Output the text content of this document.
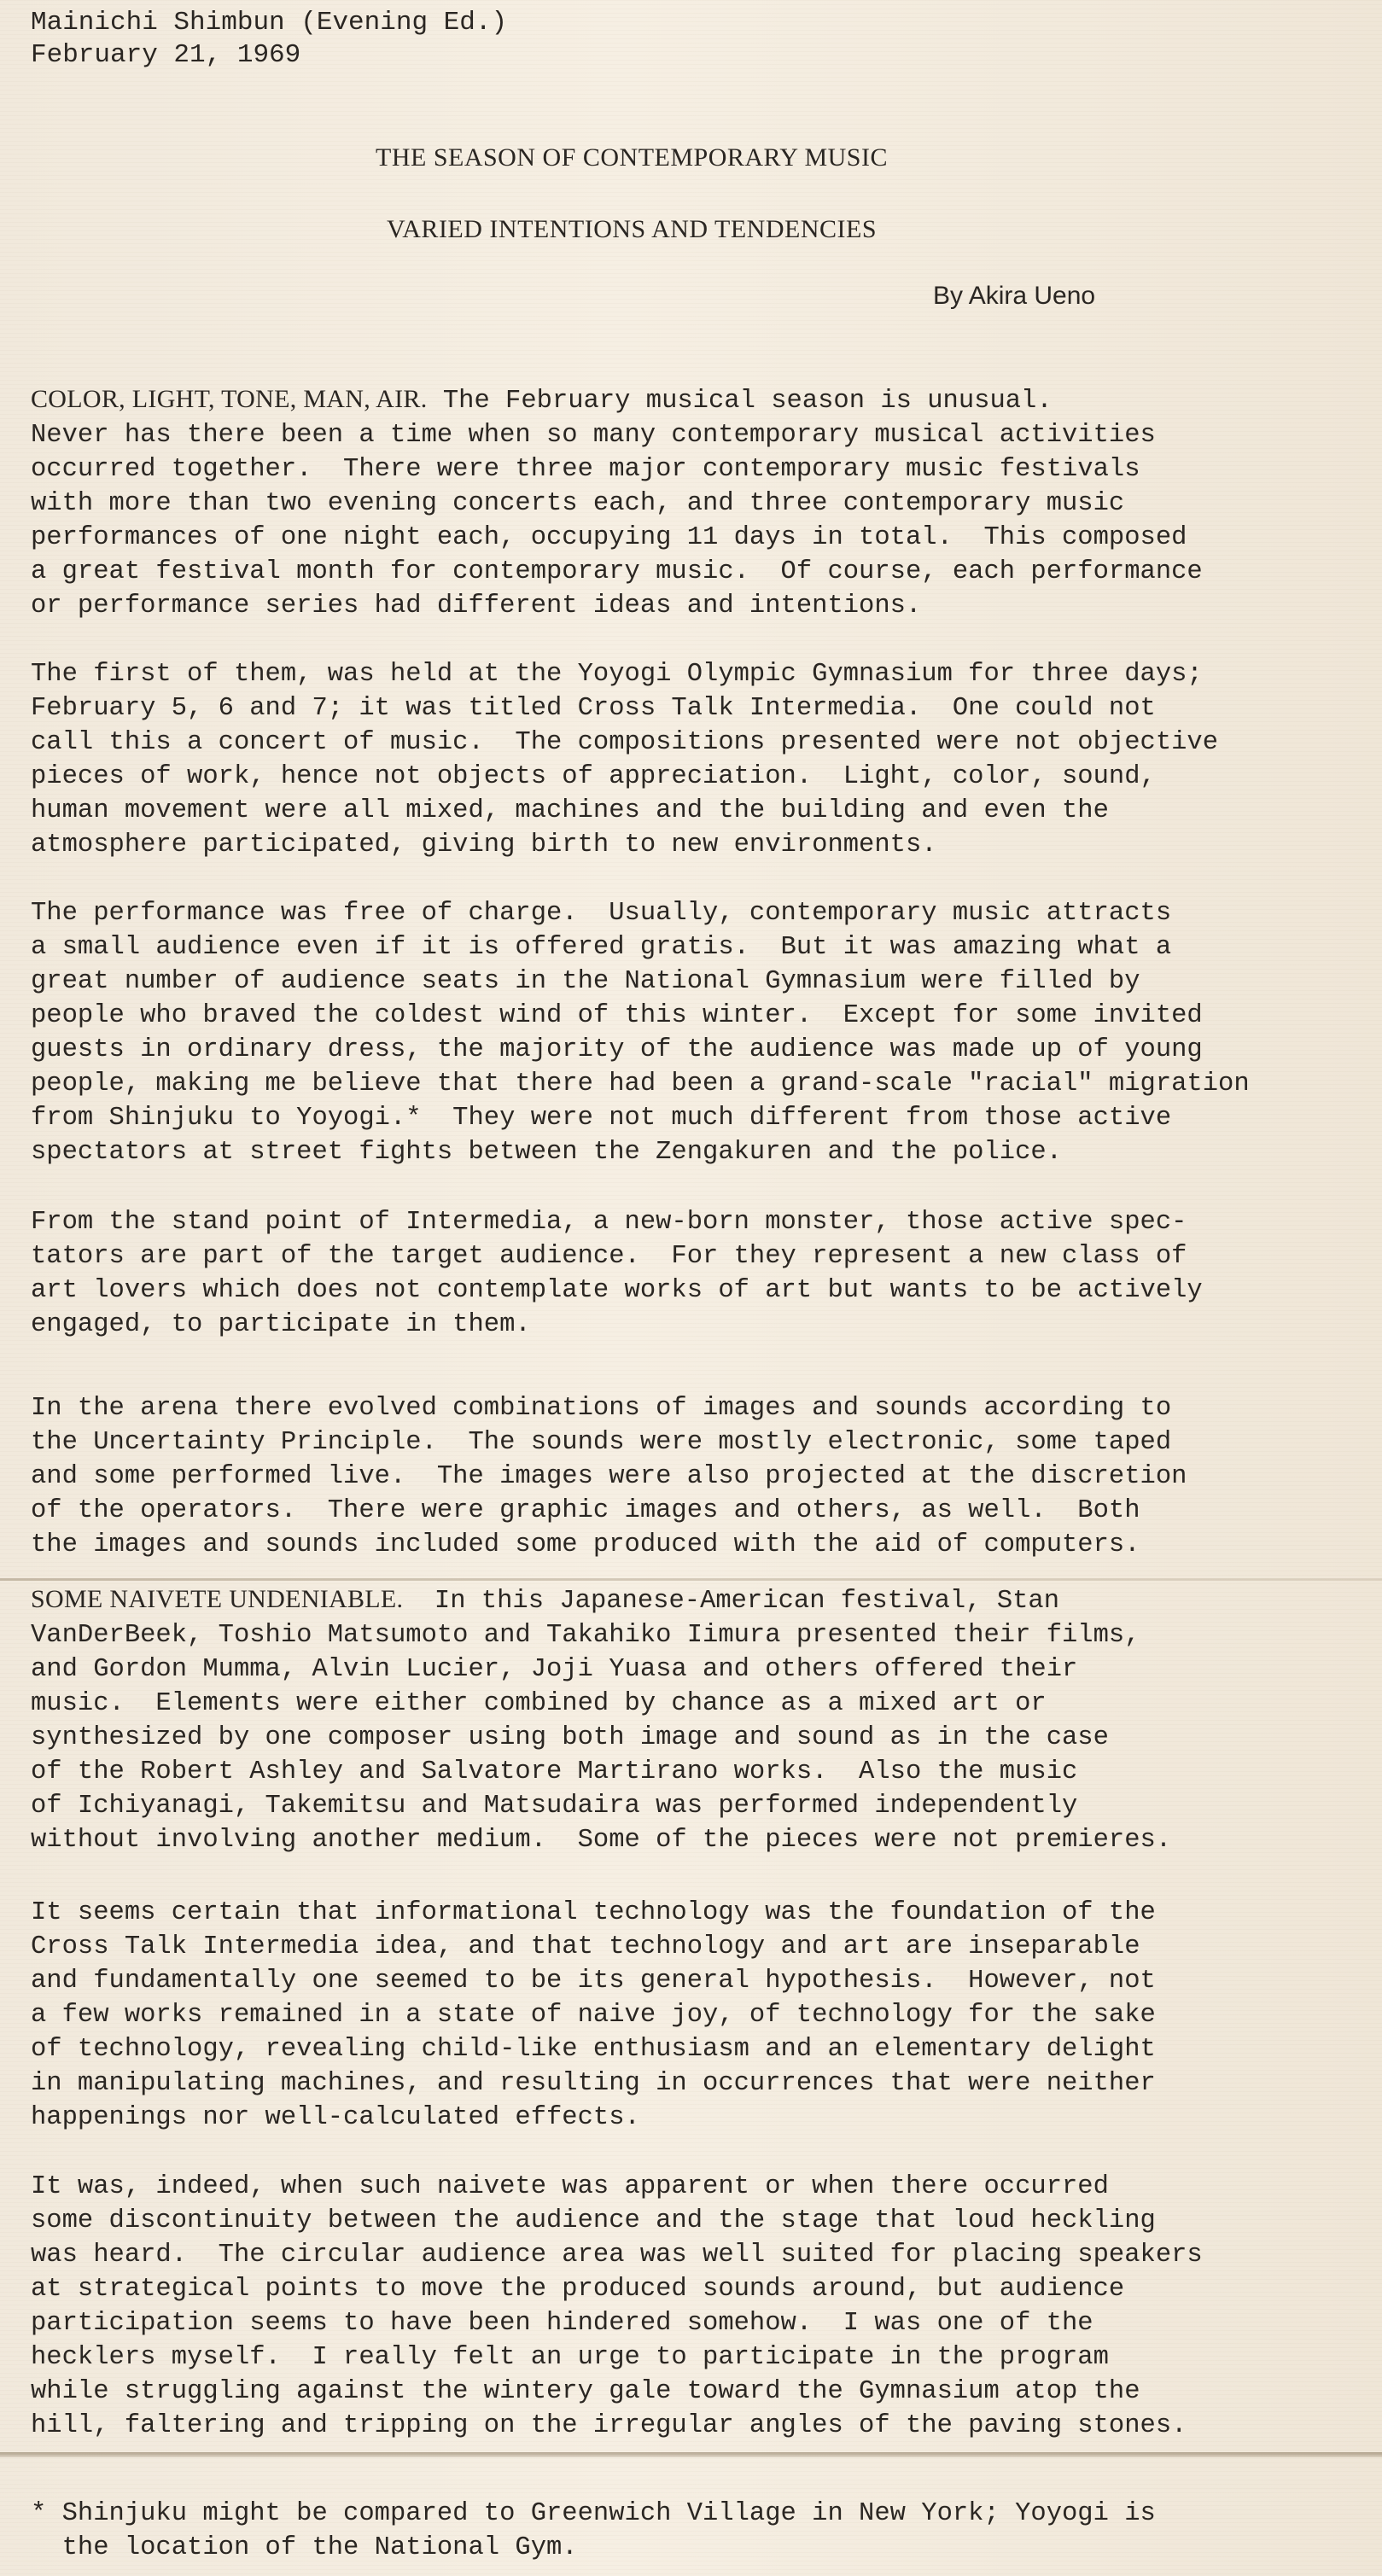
Mainichi Shimbun (Evening Ed.)
February 21, 1969
THE SEASON OF CONTEMPORARY MUSIC
VARIED INTENTIONS AND TENDENCIES
By Akira Ueno
COLOR, LIGHT, TONE, MAN, AIR. The February musical season is unusual.
Never has there been a time when so many contemporary musical activities
occurred together.  There were three major contemporary music festivals
with more than two evening concerts each, and three contemporary music
performances of one night each, occupying 11 days in total.  This composed
a great festival month for contemporary music.  Of course, each performance
or performance series had different ideas and intentions.
The first of them, was held at the Yoyogi Olympic Gymnasium for three days;
February 5, 6 and 7; it was titled Cross Talk Intermedia.  One could not
call this a concert of music.  The compositions presented were not objective
pieces of work, hence not objects of appreciation.  Light, color, sound,
human movement were all mixed, machines and the building and even the
atmosphere participated, giving birth to new environments.
The performance was free of charge.  Usually, contemporary music attracts
a small audience even if it is offered gratis.  But it was amazing what a
great number of audience seats in the National Gymnasium were filled by
people who braved the coldest wind of this winter.  Except for some invited
guests in ordinary dress, the majority of the audience was made up of young
people, making me believe that there had been a grand-scale "racial" migration
from Shinjuku to Yoyogi.*  They were not much different from those active
spectators at street fights between the Zengakuren and the police.
From the stand point of Intermedia, a new-born monster, those active spec-
tators are part of the target audience.  For they represent a new class of
art lovers which does not contemplate works of art but wants to be actively
engaged, to participate in them.
In the arena there evolved combinations of images and sounds according to
the Uncertainty Principle.  The sounds were mostly electronic, some taped
and some performed live.  The images were also projected at the discretion
of the operators.  There were graphic images and others, as well.  Both
the images and sounds included some produced with the aid of computers.
SOME NAIVETE UNDENIABLE.  In this Japanese-American festival, Stan
VanDerBeek, Toshio Matsumoto and Takahiko Iimura presented their films,
and Gordon Mumma, Alvin Lucier, Joji Yuasa and others offered their
music.  Elements were either combined by chance as a mixed art or
synthesized by one composer using both image and sound as in the case
of the Robert Ashley and Salvatore Martirano works.  Also the music
of Ichiyanagi, Takemitsu and Matsudaira was performed independently
without involving another medium.  Some of the pieces were not premieres.
It seems certain that informational technology was the foundation of the
Cross Talk Intermedia idea, and that technology and art are inseparable
and fundamentally one seemed to be its general hypothesis.  However, not
a few works remained in a state of naive joy, of technology for the sake
of technology, revealing child-like enthusiasm and an elementary delight
in manipulating machines, and resulting in occurrences that were neither
happenings nor well-calculated effects.
It was, indeed, when such naivete was apparent or when there occurred
some discontinuity between the audience and the stage that loud heckling
was heard.  The circular audience area was well suited for placing speakers
at strategical points to move the produced sounds around, but audience
participation seems to have been hindered somehow.  I was one of the
hecklers myself.  I really felt an urge to participate in the program
while struggling against the wintery gale toward the Gymnasium atop the
hill, faltering and tripping on the irregular angles of the paving stones.
* Shinjuku might be compared to Greenwich Village in New York; Yoyogi is
the location of the National Gym.
